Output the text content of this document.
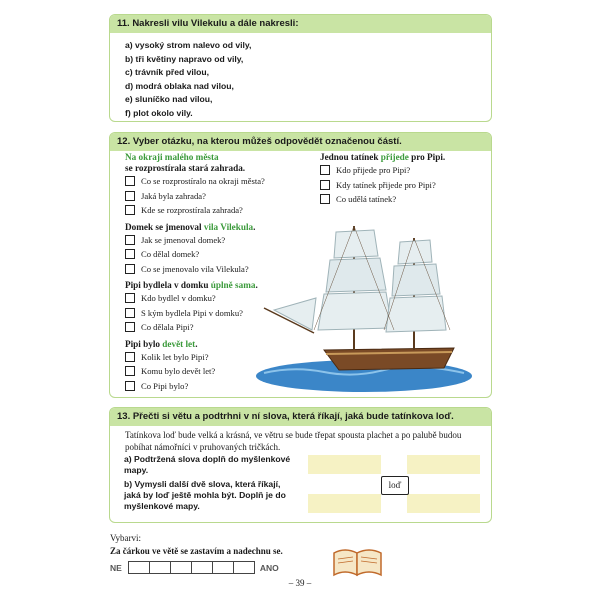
11. Nakresli vilu Vilekulu a dále nakresli:
a) vysoký strom nalevo od vily,
b) tři květiny napravo od vily,
c) trávník před vilou,
d) modrá oblaka nad vilou,
e) sluníčko nad vilou,
f) plot okolo vily.
12. Vyber otázku, na kterou můžeš odpovědět označenou částí.
Na okraji malého města
se rozprostírala stará zahrada.
Co se rozprostíralo na okraji města?
Jaká byla zahrada?
Kde se rozprostírala zahrada?
Domek se jmenoval vila Vilekula.
Jak se jmenoval domek?
Co dělal domek?
Co se jmenovalo vila Vilekula?
Pipi bydlela v domku úplně sama.
Kdo bydlel v domku?
S kým bydlela Pipi v domku?
Co dělala Pipi?
Pipi bylo devět let.
Kolik let bylo Pipi?
Komu bylo devět let?
Co Pipi bylo?
Jednou tatínek přijede pro Pipi.
Kdo přijede pro Pipi?
Kdy tatínek přijede pro Pipi?
Co udělá tatínek?
13. Přečti si větu a podtrhni v ní slova, která říkají, jaká bude tatínkova loď.
Tatínkova loď bude velká a krásná, ve větru se bude třepat spousta plachet a po palubě budou pobíhat námořníci v pruhovaných tričkách.
a) Podtržená slova doplň do myšlenkové mapy.
b) Vymysli další dvě slova, která říkají, jaká by loď ještě mohla být. Doplň je do myšlenkové mapy.
loď
Vybarvi:
Za čárkou ve větě se zastavím a nadechnu se.
NE	ANO
– 39 –
